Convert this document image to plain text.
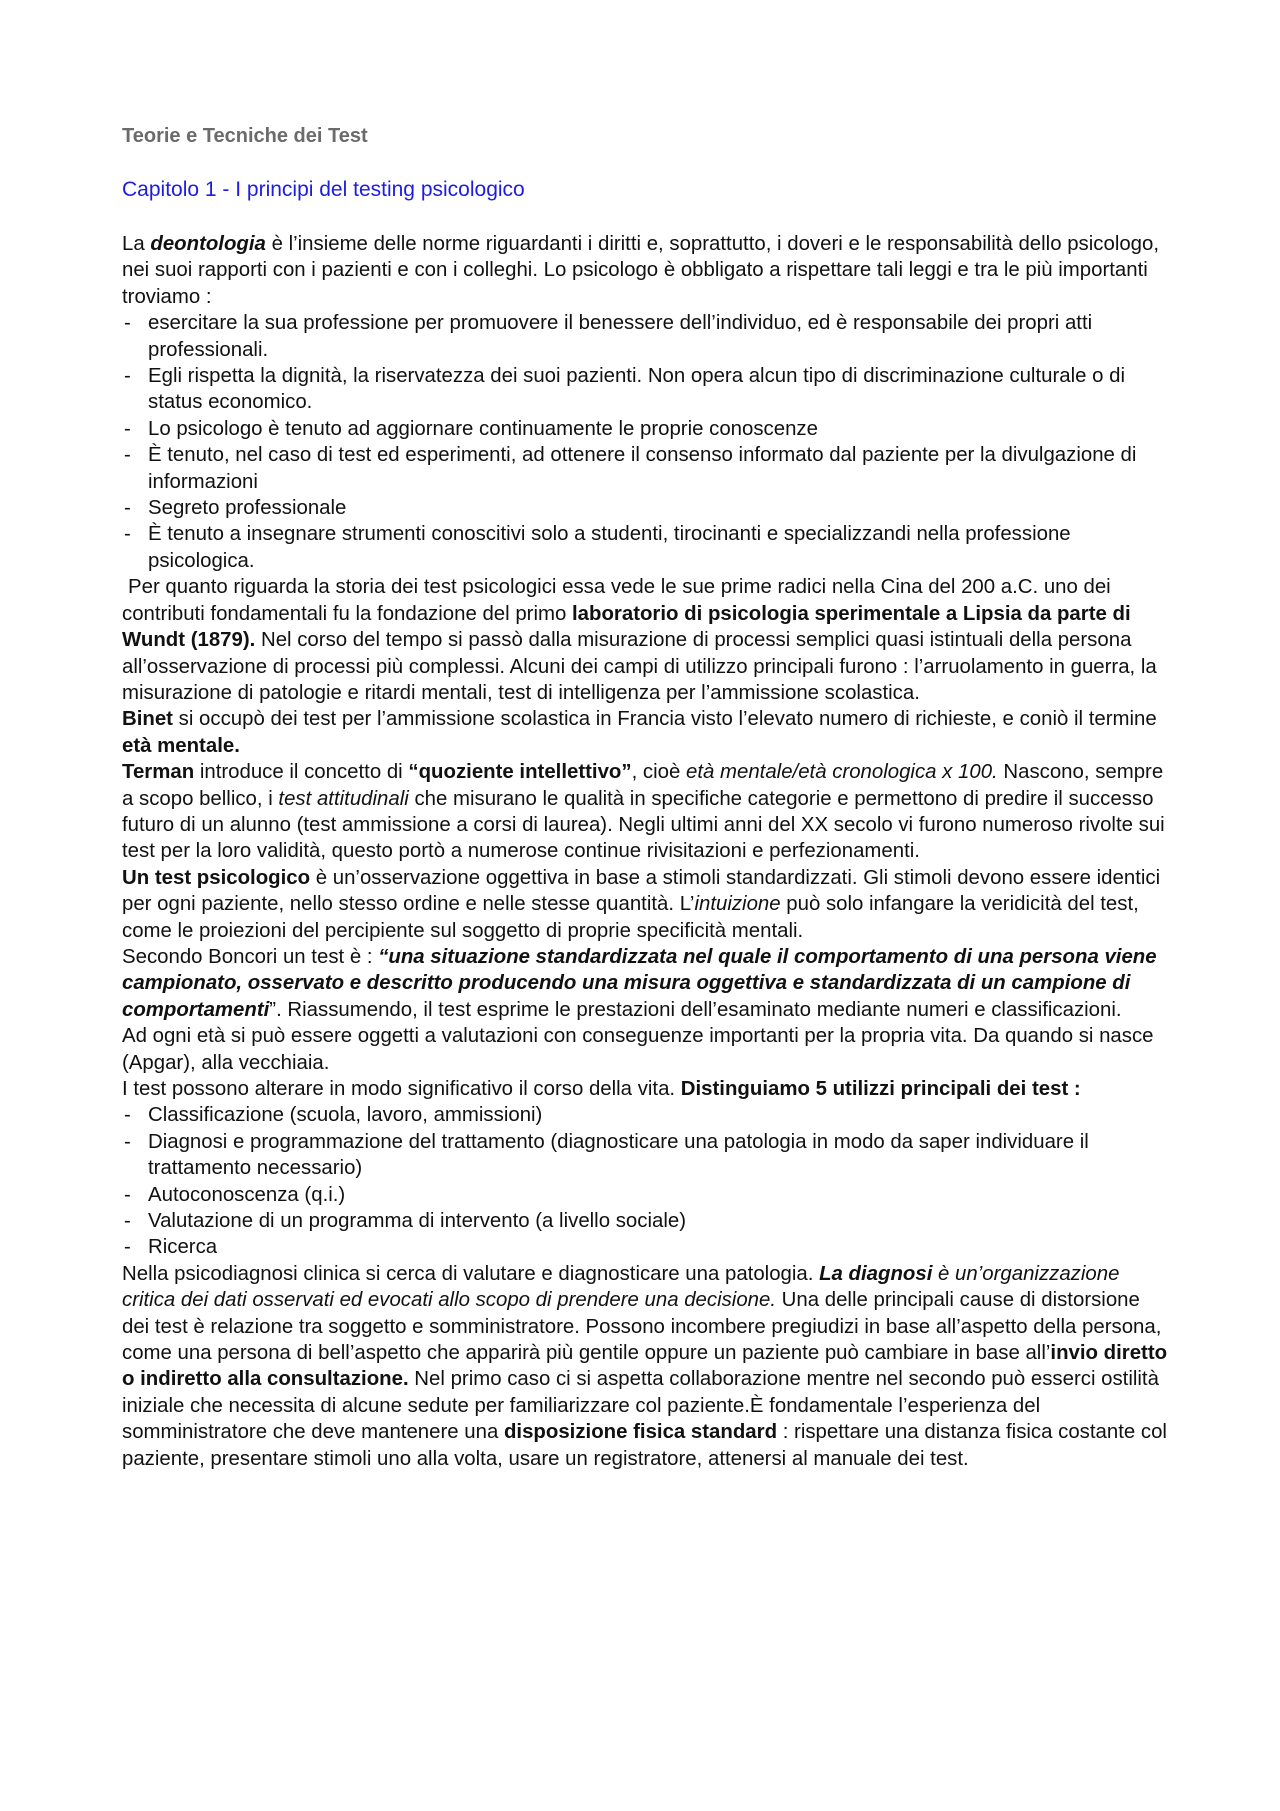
Teorie e Tecniche dei Test
Capitolo 1 - I principi del testing psicologico

La deontologia è l’insieme delle norme riguardanti i diritti e, soprattutto, i doveri e le responsabilità dello psicologo, nei suoi rapporti con i pazienti e con i colleghi. Lo psicologo è obbligato a rispettare tali leggi e tra le più importanti troviamo :

- esercitare la sua professione per promuovere il benessere dell’individuo, ed è responsabile dei propri atti professionali.
- Egli rispetta la dignità, la riservatezza dei suoi pazienti. Non opera alcun tipo di discriminazione culturale o di status economico.
- Lo psicologo è tenuto ad aggiornare continuamente le proprie conoscenze
- È tenuto, nel caso di test ed esperimenti, ad ottenere il consenso informato dal paziente per la divulgazione di informazioni
- Segreto professionale
- È tenuto a insegnare strumenti conoscitivi solo a studenti, tirocinanti e specializzandi nella professione psicologica.

Per quanto riguarda la storia dei test psicologici essa vede le sue prime radici nella Cina del 200 a.C. uno dei contributi fondamentali fu la fondazione del primo laboratorio di psicologia sperimentale a Lipsia da parte di Wundt (1879). Nel corso del tempo si passò dalla misurazione di processi semplici quasi istintuali della persona all’osservazione di processi più complessi. Alcuni dei campi di utilizzo principali furono : l’arruolamento in guerra, la misurazione di patologie e ritardi mentali, test di intelligenza per l’ammissione scolastica.

Binet si occupò dei test per l’ammissione scolastica in Francia visto l’elevato numero di richieste, e coniò il termine età mentale.

Terman introduce il concetto di “quoziente intellettivo”, cioè età mentale/età cronologica x 100. Nascono, sempre a scopo bellico, i test attitudinali che misurano le qualità in specifiche categorie e permettono di predire il successo futuro di un alunno (test ammissione a corsi di laurea). Negli ultimi anni del XX secolo vi furono numeroso rivolte sui test per la loro validità, questo portò a numerose continue rivisitazioni e perfezionamenti.

Un test psicologico è un’osservazione oggettiva in base a stimoli standardizzati. Gli stimoli devono essere identici per ogni paziente, nello stesso ordine e nelle stesse quantità. L’intuizione può solo infangare la veridicità del test, come le proiezioni del percipiente sul soggetto di proprie specificità mentali.

Secondo Boncori un test è : “una situazione standardizzata nel quale il comportamento di una persona viene campionato, osservato e descritto producendo una misura oggettiva e standardizzata di un campione di comportamenti”. Riassumendo, il test esprime le prestazioni dell’esaminato mediante numeri e classificazioni.

Ad ogni età si può essere oggetti a valutazioni con conseguenze importanti per la propria vita. Da quando si nasce (Apgar), alla vecchiaia.

I test possono alterare in modo significativo il corso della vita. Distinguiamo 5 utilizzi principali dei test :

- Classificazione (scuola, lavoro, ammissioni)
- Diagnosi e programmazione del trattamento (diagnosticare una patologia in modo da saper individuare il trattamento necessario)
- Autoconoscenza (q.i.)
- Valutazione di un programma di intervento (a livello sociale)
- Ricerca

Nella psicodiagnosi clinica si cerca di valutare e diagnosticare una patologia. La diagnosi è un’organizzazione critica dei dati osservati ed evocati allo scopo di prendere una decisione. Una delle principali cause di distorsione dei test è relazione tra soggetto e somministratore. Possono incombere pregiudizi in base all’aspetto della persona, come una persona di bell’aspetto che apparirà più gentile oppure un paziente può cambiare in base all’invio diretto o indiretto alla consultazione. Nel primo caso ci si aspetta collaborazione mentre nel secondo può esserci ostilità iniziale che necessita di alcune sedute per familiarizzare col paziente.È fondamentale l’esperienza del somministratore che deve mantenere una disposizione fisica standard : rispettare una distanza fisica costante col paziente, presentare stimoli uno alla volta, usare un registratore, attenersi al manuale dei test.
